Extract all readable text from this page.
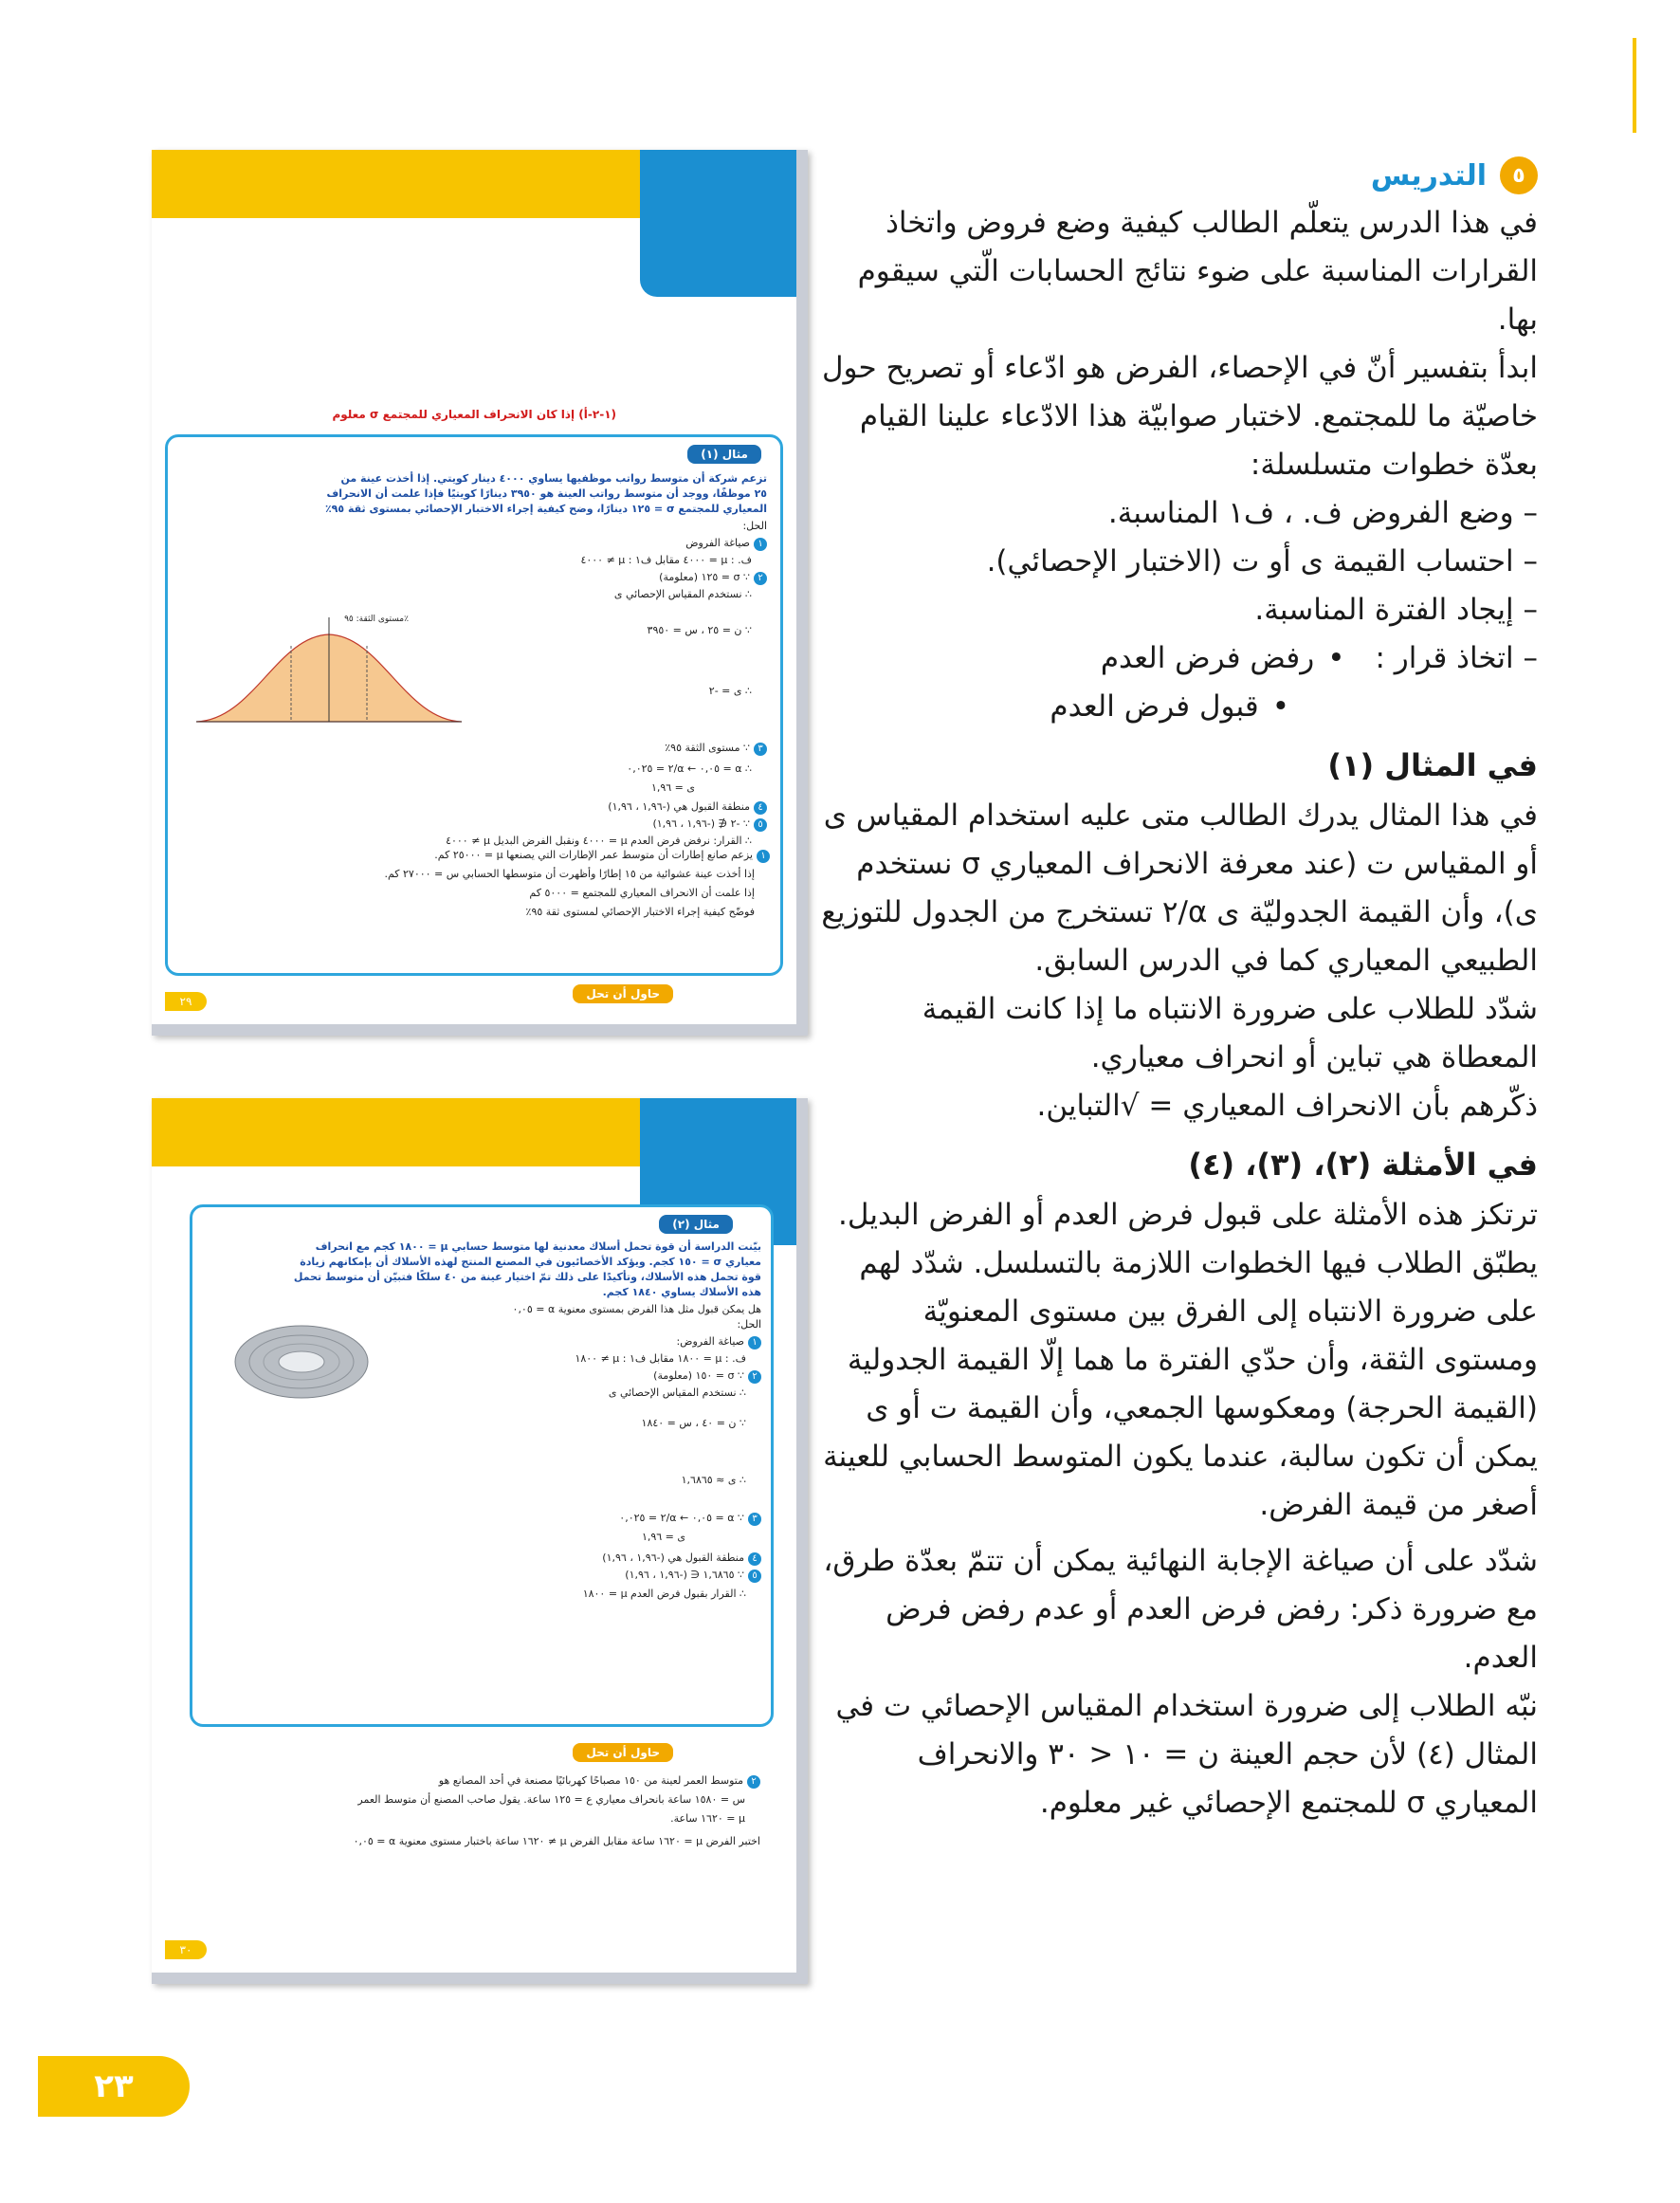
٥
التدريس

في هذا الدرس يتعلّم الطالب كيفية وضع فروض واتخاذ القرارات المناسبة على ضوء نتائج الحسابات الّتي سيقوم بها.

ابدأ بتفسير أنّ في الإحصاء، الفرض هو ادّعاء أو تصريح حول خاصيّة ما للمجتمع. لاختبار صوابيّة هذا الادّعاء علينا القيام بعدّة خطوات متسلسلة:

– وضع الفروض ف. ، ف١ المناسبة.
– احتساب القيمة ى أو ت (الاختبار الإحصائي).
– إيجاد الفترة المناسبة.
– اتخاذ قرار :
•
رفض فرض العدم
•
قبول فرض العدم
في المثال (١)

في هذا المثال يدرك الطالب متى عليه استخدام المقياس ى أو المقياس ت (عند معرفة الانحراف المعياري σ نستخدم ى)، وأن القيمة الجدوليّة ى α/٢ تستخرج من الجدول للتوزيع الطبيعي المعياري كما في الدرس السابق.

شدّد للطلاب على ضرورة الانتباه ما إذا كانت القيمة المعطاة هي تباين أو انحراف معياري.

ذكّرهم بأن الانحراف المعياري = √التباين.

في الأمثلة (٢)، (٣)، (٤)

ترتكز هذه الأمثلة على قبول فرض العدم أو الفرض البديل.

يطبّق الطلاب فيها الخطوات اللازمة بالتسلسل. شدّد لهم على ضرورة الانتباه إلى الفرق بين مستوى المعنويّة ومستوى الثقة، وأن حدّي الفترة ما هما إلّا القيمة الجدولية (القيمة الحرجة) ومعكوسها الجمعي، وأن القيمة ت أو ى يمكن أن تكون سالبة، عندما يكون المتوسط الحسابي للعينة أصغر من قيمة الفرض.

شدّد على أن صياغة الإجابة النهائية يمكن أن تتمّ بعدّة طرق، مع ضرورة ذكر: رفض فرض العدم أو عدم رفض فرض العدم.

نبّه الطلاب إلى ضرورة استخدام المقياس الإحصائي ت في المثال (٤) لأن حجم العينة ن = ١٠ < ٣٠ والانحراف المعياري σ للمجتمع الإحصائي غير معلوم.

(١-٢-أ) إذا كان الانحراف المعياري للمجتمع σ معلوم
مثال (١)
تزعم شركة أن متوسط رواتب موظفيها يساوي ٤٠٠٠ دينار كويتي. إذا أخذت عينة من
٢٥ موظفًا، ووجد أن متوسط رواتب العينة هو ٣٩٥٠ دينارًا كويتيًا فإذا علمت أن الانحراف
المعياري للمجتمع σ = ١٢٥ دينارًا، وضح كيفية إجراء الاختبار الإحصائي بمستوى ثقة ٩٥٪
الحل:
١صياغة الفروض
ف. : μ = ٤٠٠٠ مقابل ف١ : μ ≠ ٤٠٠٠
٢∵ σ = ١٢٥ (معلومة)
∴ نستخدم المقياس الإحصائي ى
∵ ن = ٢٥ ، س = ٣٩٥٠
∴ ى = -٢
٣∵ مستوى الثقة ٩٥٪
∴ α = ٠,٠٥ ← α/٢ = ٠,٠٢٥
ى = ١,٩٦
٤منطقة القبول هي (-١,٩٦ ، ١,٩٦)
٥∵ -٢ ∉ (-١,٩٦ ، ١,٩٦)
∴ القرار: نرفض فرض العدم μ = ٤٠٠٠ ونقبل الفرض البديل μ ≠ ٤٠٠٠
مستوى الثقة: ٩٥٪
حاول أن تحل
٢٩
١يزعم صانع إطارات أن متوسط عمر الإطارات التي يصنعها μ = ٢٥٠٠٠ كم.
إذا أخذت عينة عشوائية من ١٥ إطارًا وأظهرت أن متوسطها الحسابي س = ٢٧٠٠٠ كم.
إذا علمت أن الانحراف المعياري للمجتمع = ٥٠٠٠ كم
فوضّح كيفية إجراء الاختبار الإحصائي لمستوى ثقة ٩٥٪
مثال (٢)
بيّنت الدراسة أن قوة تحمل أسلاك معدنية لها متوسط حسابي μ = ١٨٠٠ كجم مع انحراف
معياري σ = ١٥٠ كجم. ويؤكد الأخصائيون في المصنع المنتج لهذه الأسلاك أن بإمكانهم زيادة
قوة تحمل هذه الأسلاك، وتأكيدًا على ذلك تمّ اختيار عينة من ٤٠ سلكًا فتبيّن أن متوسط تحمل
هذه الأسلاك يساوي ١٨٤٠ كجم.
هل يمكن قبول مثل هذا الفرض بمستوى معنوية α = ٠,٠٥
الحل:
١صياغة الفروض:
ف. : μ = ١٨٠٠ مقابل ف١ : μ ≠ ١٨٠٠
٢∵ σ = ١٥٠ (معلومة)
∴ نستخدم المقياس الإحصائي ى
∵ ن = ٤٠ ، س = ١٨٤٠
∴ ى ≈ ١,٦٨٦٥
٣∵ α = ٠,٠٥ ← α/٢ = ٠,٠٢٥
ى = ١,٩٦
٤منطقة القبول هي (-١,٩٦ ، ١,٩٦)
٥∵ ١,٦٨٦٥ ∈ (-١,٩٦ ، ١,٩٦)
∴ القرار بقبول فرض العدم μ = ١٨٠٠
حاول أن تحل
٣٠
٢متوسط العمر لعينة من ١٥٠ مصباحًا كهربائيًا مصنعة في أحد المصانع هو
س = ١٥٨٠ ساعة بانحراف معياري ع = ١٢٥ ساعة. يقول صاحب المصنع أن متوسط العمر
μ = ١٦٢٠ ساعة.
اختبر الفرض μ = ١٦٢٠ ساعة مقابل الفرض μ ≠ ١٦٢٠ ساعة باختبار مستوى معنوية α = ٠,٠٥
٢٣
